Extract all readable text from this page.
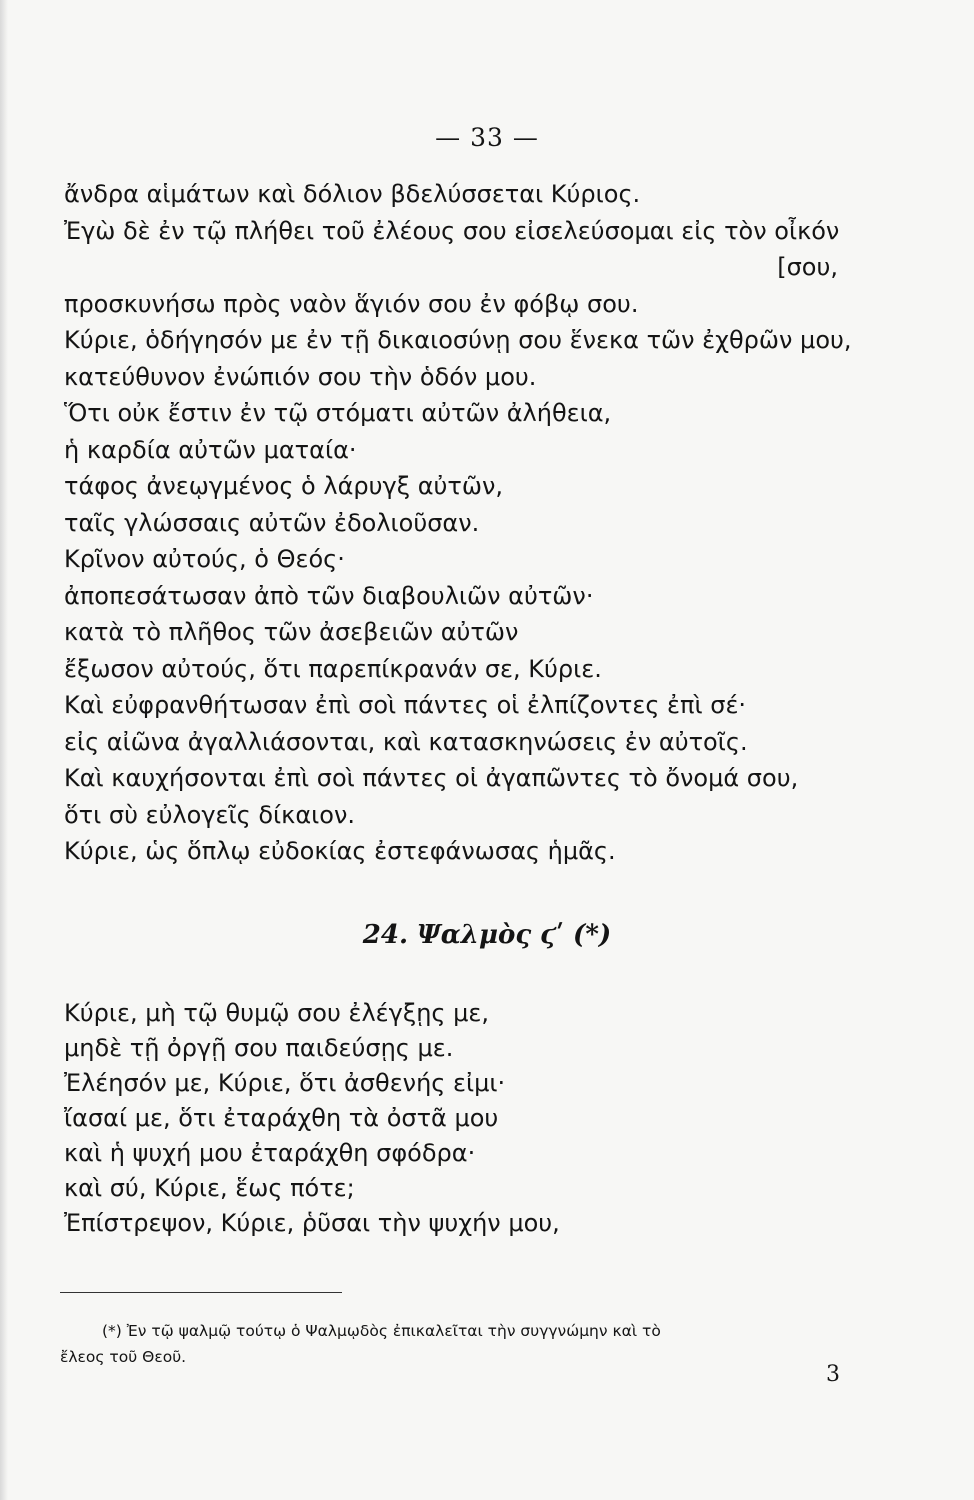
— 33 —
ἄνδρα αἱμάτων καὶ δόλιον βδελύσσεται Κύριος.
Ἐγὼ δὲ ἐν τῷ πλήθει τοῦ ἐλέους σου εἰσελεύσομαι εἰς τὸν οἶκόν
[σου,
προσκυνήσω πρὸς ναὸν ἅγιόν σου ἐν φόβῳ σου.
Κύριε, ὁδήγησόν με ἐν τῇ δικαιοσύνῃ σου ἕνεκα τῶν ἐχθρῶν μου,
κατεύθυνον ἐνώπιόν σου τὴν ὁδόν μου.
Ὅτι οὐκ ἔστιν ἐν τῷ στόματι αὐτῶν ἀλήθεια,
ἡ καρδία αὐτῶν ματαία·
τάφος ἀνεῳγμένος ὁ λάρυγξ αὐτῶν,
ταῖς γλώσσαις αὐτῶν ἐδολιοῦσαν.
Κρῖνον αὐτούς, ὁ Θεός·
ἀποπεσάτωσαν ἀπὸ τῶν διαβουλιῶν αὐτῶν·
κατὰ τὸ πλῆθος τῶν ἀσεβειῶν αὐτῶν
ἔξωσον αὐτούς, ὅτι παρεπίκρανάν σε, Κύριε.
Καὶ εὐφρανθήτωσαν ἐπὶ σοὶ πάντες οἱ ἐλπίζοντες ἐπὶ σέ·
εἰς αἰῶνα ἀγαλλιάσονται, καὶ κατασκηνώσεις ἐν αὐτοῖς.
Καὶ καυχήσονται ἐπὶ σοὶ πάντες οἱ ἀγαπῶντες τὸ ὄνομά σου,
ὅτι σὺ εὐλογεῖς δίκαιον.
Κύριε, ὡς ὅπλῳ εὐδοκίας ἐστεφάνωσας ἡμᾶς.
24. Ψαλμὸς ϛʹ (*)
Κύριε, μὴ τῷ θυμῷ σου ἐλέγξῃς με,
μηδὲ τῇ ὀργῇ σου παιδεύσῃς με.
Ἐλέησόν με, Κύριε, ὅτι ἀσθενής εἰμι·
ἴασαί με, ὅτι ἐταράχθη τὰ ὀστᾶ μου
καὶ ἡ ψυχή μου ἐταράχθη σφόδρα·
καὶ σύ, Κύριε, ἕως πότε;
Ἐπίστρεψον, Κύριε, ῥῦσαι τὴν ψυχήν μου,
(*) Ἐν τῷ ψαλμῷ τούτῳ ὁ Ψαλμῳδὸς ἐπικαλεῖται τὴν συγγνώμην καὶ τὸ
ἔλεος τοῦ Θεοῦ.
3
